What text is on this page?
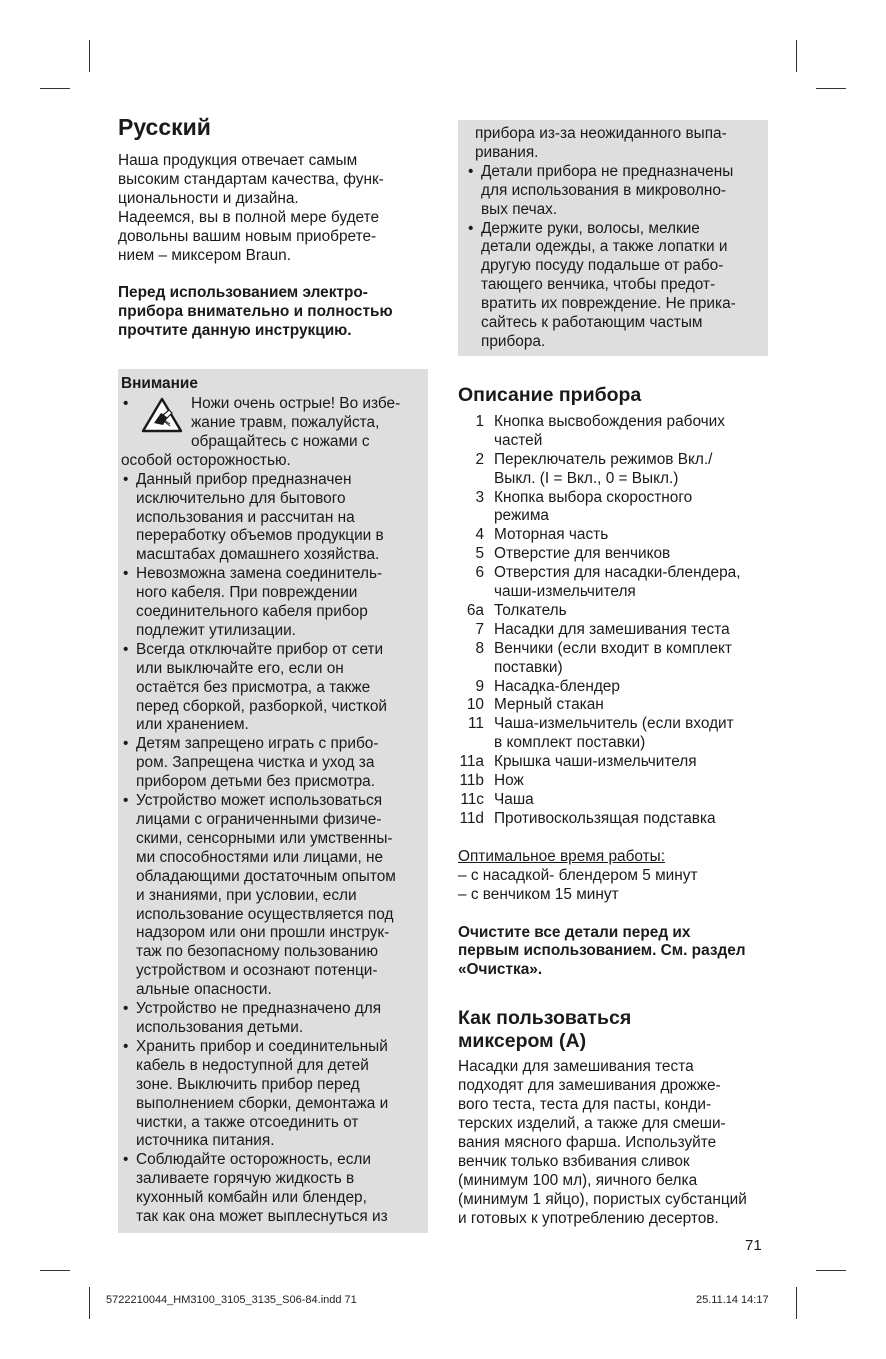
Русский

Наша продукция отвечает самым
высоким стандартам качества, функ-
циональности и дизайна.
Надеемся, вы в полной мере будете
довольны вашим новым приобрете-
нием – миксером Braun.

Перед использованием электро-
прибора внимательно и полностью
прочтите данную инструкцию.

Внимание
•	Ножи очень острые! Во избе-
жание травм, пожалуйста,
обращайтесь с ножами с
особой осторожностью.
• Данный прибор предназначен
исключительно для бытового
использования и рассчитан на
переработку объемов продукции в
масштабах домашнего хозяйства.
• Невозможна замена соединитель-
ного кабеля. При повреждении
соединительного кабеля прибор
подлежит утилизации.
• Всегда отключайте прибор от сети
или выключайте его, если он
остаётся без присмотра, а также
перед сборкой, разборкой, чисткой
или хранением.
• Детям запрещено играть с прибо-
ром. Запрещена чистка и уход за
прибором детьми без присмотра.
• Устройство может использоваться
лицами с ограниченными физиче-
скими, сенсорными или умственны-
ми способностями или лицами, не
обладающими достаточным опытом
и знаниями, при условии, если
использование осуществляется под
надзором или они прошли инструк-
таж по безопасному пользованию
устройством и осознают потенци-
альные опасности.
• Устройство не предназначено для
использования детьми.
• Хранить прибор и соединительный
кабель в недоступной для детей
зоне. Выключить прибор перед
выполнением сборки, демонтажа и
чистки, а также отсоединить от
источника питания.
• Соблюдайте осторожность, если
заливаете горячую жидкость в
кухонный комбайн или блендер,
так как она может выплеснуться из
прибора из-за неожиданного выпа-
ривания.
• Детали прибора не предназначены
для использования в микроволно-
вых печах.
• Держите руки, волосы, мелкие
детали одежды, а также лопатки и
другую посуду подальше от рабо-
тающего венчика, чтобы предот-
вратить их повреждение. Не прика-
сайтесь к работающим частым
прибора.
Описание прибора
1 Кнопка высвобождения рабочих
частей
2 Переключатель режимов Вкл./
Выкл. (I = Вкл., 0 = Выкл.)
3 Кнопка выбора скоростного
режима
4 Моторная часть
5 Отверстие для венчиков
6 Отверстия для насадки-блендера,
чаши-измельчителя
6a Толкатель
7 Насадки для замешивания теста
8 Венчики (если входит в комплект
поставки)
9 Насадка-блендер
10 Мерный стакан
11 Чаша-измельчитель (если входит
в комплект поставки)
11a Крышка чаши-измельчителя
11b Нож
11c Чаша
11d Противоскользящая подставка
Оптимальное время работы:
– с насадкой- блендером 5 минут
– с венчиком 15 минут

Очистите все детали перед их
первым использованием. См. раздел
«Очистка».

Как пользоваться
миксером (A)

Насадки для замешивания теста
подходят для замешивания дрожже-
вого теста, теста для пасты, конди-
терских изделий, а также для смеши-
вания мясного фарша. Используйте
венчик только взбивания сливок
(минимум 100 мл), яичного белка
(минимум 1 яйцо), пористых субстанций
и готовых к употреблению десертов.

71
5722210044_HM3100_3105_3135_S06-84.indd 71	25.11.14 14:17
